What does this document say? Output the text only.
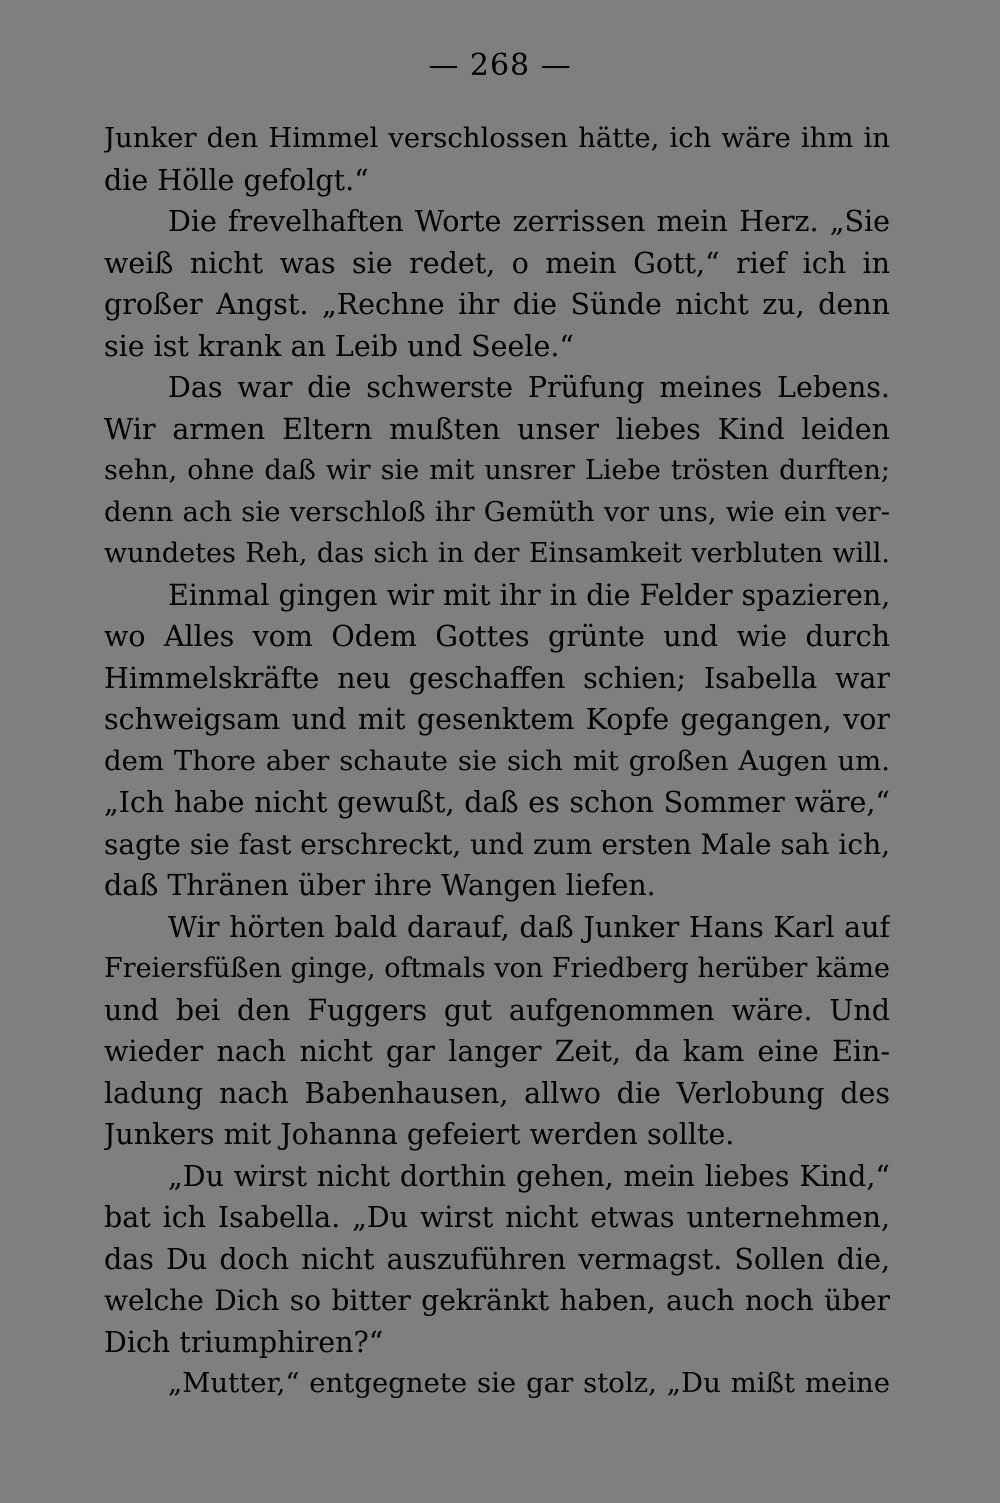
— 268 —
Junker den Himmel verschlossen hätte, ich wäre ihm in
die Hölle gefolgt.“
Die frevelhaften Worte zerrissen mein Herz. „Sie
weiß nicht was sie redet, o mein Gott,“ rief ich in
großer Angst. „Rechne ihr die Sünde nicht zu, denn
sie ist krank an Leib und Seele.“
Das war die schwerste Prüfung meines Lebens.
Wir armen Eltern mußten unser liebes Kind leiden
sehn, ohne daß wir sie mit unsrer Liebe trösten durften;
denn ach sie verschloß ihr Gemüth vor uns, wie ein ver-
wundetes Reh, das sich in der Einsamkeit verbluten will.
Einmal gingen wir mit ihr in die Felder spazieren,
wo Alles vom Odem Gottes grünte und wie durch
Himmelskräfte neu geschaffen schien; Isabella war
schweigsam und mit gesenktem Kopfe gegangen, vor
dem Thore aber schaute sie sich mit großen Augen um.
„Ich habe nicht gewußt, daß es schon Sommer wäre,“
sagte sie fast erschreckt, und zum ersten Male sah ich,
daß Thränen über ihre Wangen liefen.
Wir hörten bald darauf, daß Junker Hans Karl auf
Freiersfüßen ginge, oftmals von Friedberg herüber käme
und bei den Fuggers gut aufgenommen wäre. Und
wieder nach nicht gar langer Zeit, da kam eine Ein-
ladung nach Babenhausen, allwo die Verlobung des
Junkers mit Johanna gefeiert werden sollte.
„Du wirst nicht dorthin gehen, mein liebes Kind,“
bat ich Isabella. „Du wirst nicht etwas unternehmen,
das Du doch nicht auszuführen vermagst. Sollen die,
welche Dich so bitter gekränkt haben, auch noch über
Dich triumphiren?“
„Mutter,“ entgegnete sie gar stolz, „Du mißt meine
